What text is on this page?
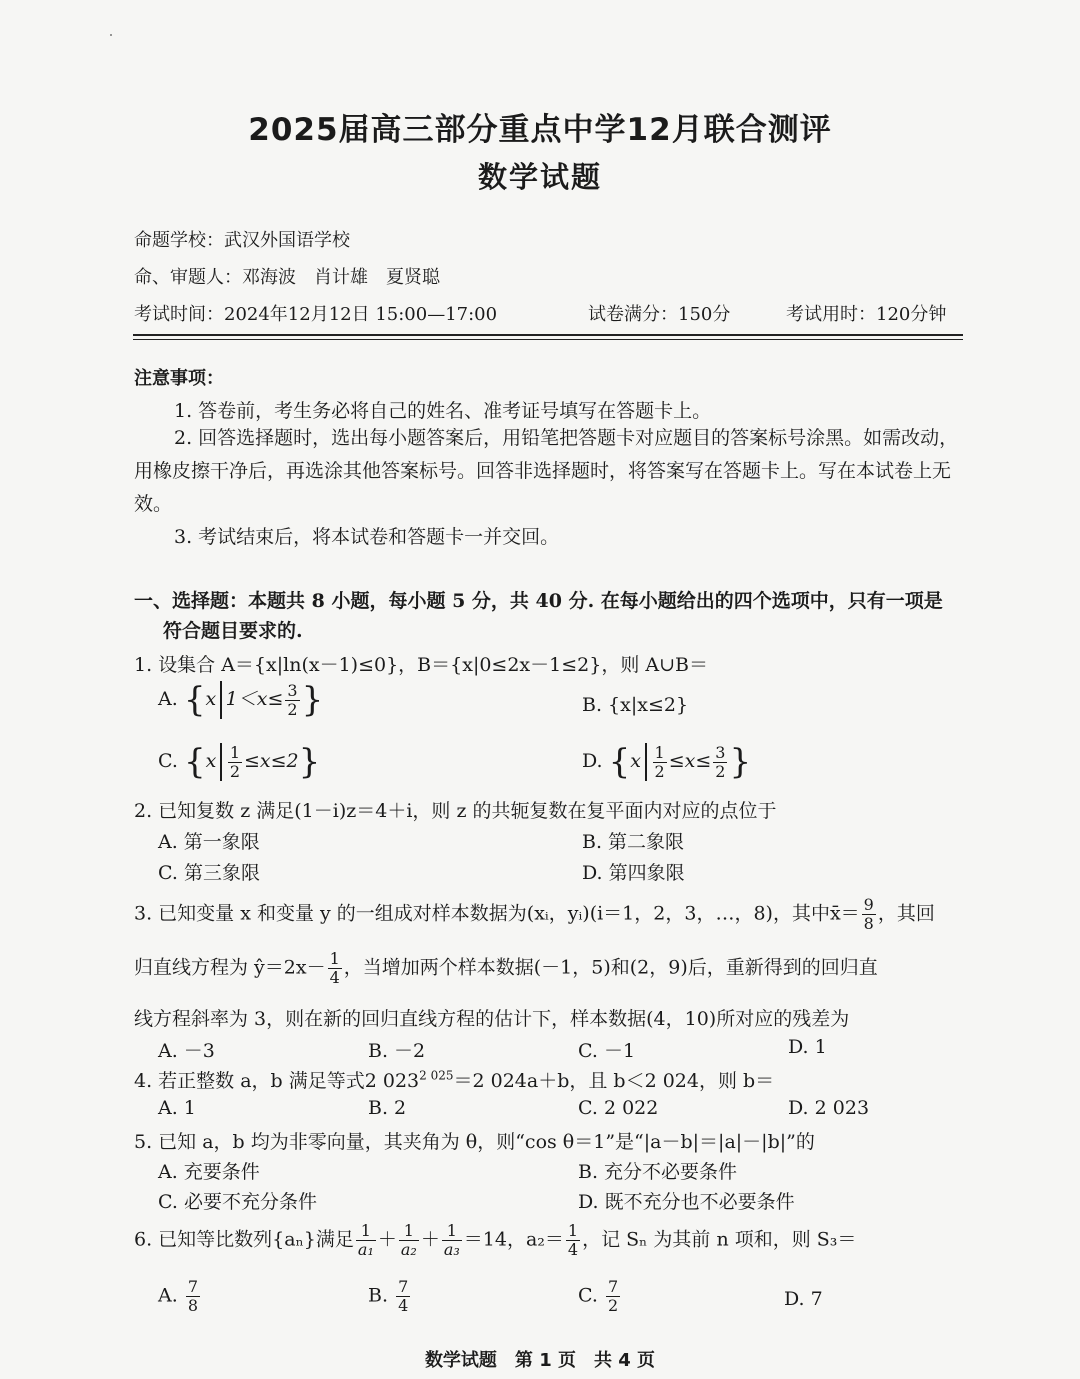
2025届高三部分重点中学12月联合测评
数学试题
命题学校：武汉外国语学校
命、审题人：邓海波　肖计雄　夏贤聪
考试时间：2024年12月12日 15:00—17:00	试卷满分：150分	考试用时：120分钟
注意事项：
1. 答卷前，考生务必将自己的姓名、准考证号填写在答题卡上。
2. 回答选择题时，选出每小题答案后，用铅笔把答题卡对应题目的答案标号涂黑。如需改动，用橡皮擦干净后，再选涂其他答案标号。回答非选择题时，将答案写在答题卡上。写在本试卷上无效。
3. 考试结束后，将本试卷和答题卡一并交回。
一、选择题：本题共 8 小题，每小题 5 分，共 40 分. 在每小题给出的四个选项中，只有一项是
符合题目要求的.
1. 设集合 A＝{x|ln(x－1)≤0}，B＝{x|0≤2x－1≤2}，则 A∪B＝
A. {x $1<x\le \frac{3}{2}$ }	B. {x|x≤2}
C. $\{x \frac{1}{2} \le x\le 2\}$	D. {$x \frac{1}{2} \le x\le \frac{3}{2}$ }
2. 已知复数 z 满足(1－i)z＝4＋i，则 z 的共轭复数在复平面内对应的点位于
A. 第一象限	B. 第二象限
C. 第三象限	D. 第四象限
3. 已知变量 x 和变量 y 的一组成对样本数据为(xᵢ，yᵢ)(i＝1，2，3，…，8)，其中x̄＝ $\frac{9}{8}$ ，其回
归直线方程为 ŷ＝2x－ $\frac{1}{4}$ ，当增加两个样本数据(－1，5)和(2，9)后，重新得到的回归直
线方程斜率为 3，则在新的回归直线方程的估计下，样本数据(4，10)所对应的残差为
A. －3	B. －2	C. －1	D. 1
4. 若正整数 a，b 满足等式2 $023^{2 025}=2$ 024a＋b，且 b＜2 024，则 b＝
A. 1	B. 2	C. 2 022	D. 2 023
5. 已知 a，b 均为非零向量，其夹角为 θ，则“cos θ＝1”是“|a－b|＝|a|－|b|”的
A. 充要条件	B. 充分不必要条件
C. 必要不充分条件	D. 既不充分也不必要条件
6. 已知等比数列{aₙ}满足 $\frac{1}{\text{a₁}} + \frac{1}{\text{a₂}} + \frac{1}{\text{a₃}} =14$，$a_2= \frac{1}{4}$ ，记 Sₙ 为其前 n 项和，则 S₃＝
A. $\frac{7}{8}$	B. $\frac{7}{4}$	C. $\frac{7}{2}$	D. 7
数学试题　第 1 页　共 4 页
